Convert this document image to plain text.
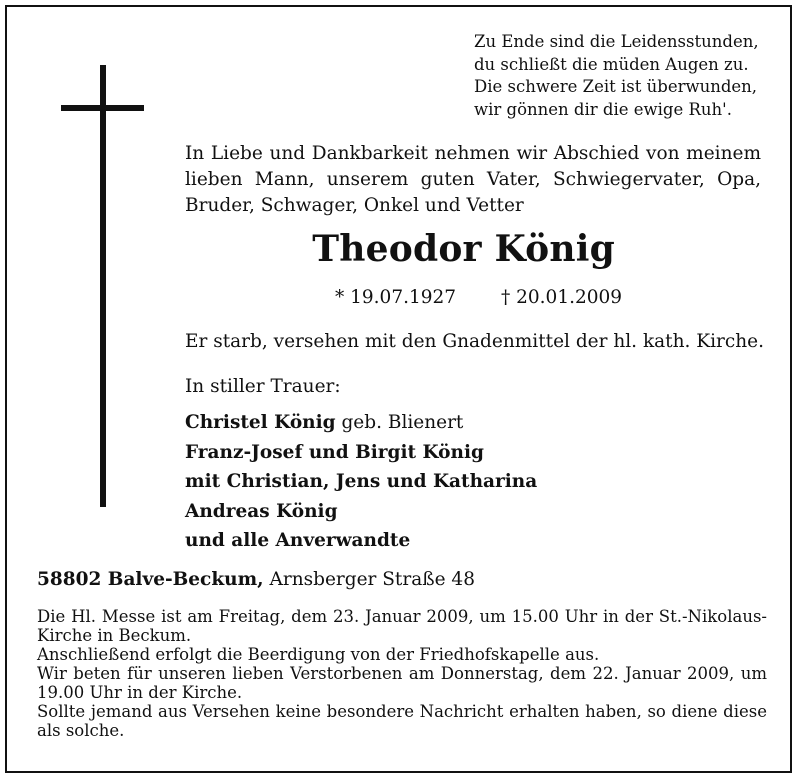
Zu Ende sind die Leidensstunden,
du schließt die müden Augen zu.
Die schwere Zeit ist überwunden,
wir gönnen dir die ewige Ruh'.
In Liebe und Dankbarkeit nehmen wir Abschied von meinem lieben Mann, unserem guten Vater, Schwiegervater, Opa, Bruder, Schwager, Onkel und Vetter
Theodor König
* 19.07.1927 † 20.01.2009
Er starb, versehen mit den Gnadenmittel der hl. kath. Kirche.
In stiller Trauer:
Christel König geb. Blienert
Franz-Josef und Birgit König
mit Christian, Jens und Katharina
Andreas König
und alle Anverwandte
58802 Balve-Beckum, Arnsberger Straße 48

Die Hl. Messe ist am Freitag, dem 23. Januar 2009, um 15.00 Uhr in der St.-Nikolaus-Kirche in Beckum.

Anschließend erfolgt die Beerdigung von der Friedhofskapelle aus.

Wir beten für unseren lieben Verstorbenen am Donnerstag, dem 22. Januar 2009, um 19.00 Uhr in der Kirche.

Sollte jemand aus Versehen keine besondere Nachricht erhalten haben, so diene diese als solche.
